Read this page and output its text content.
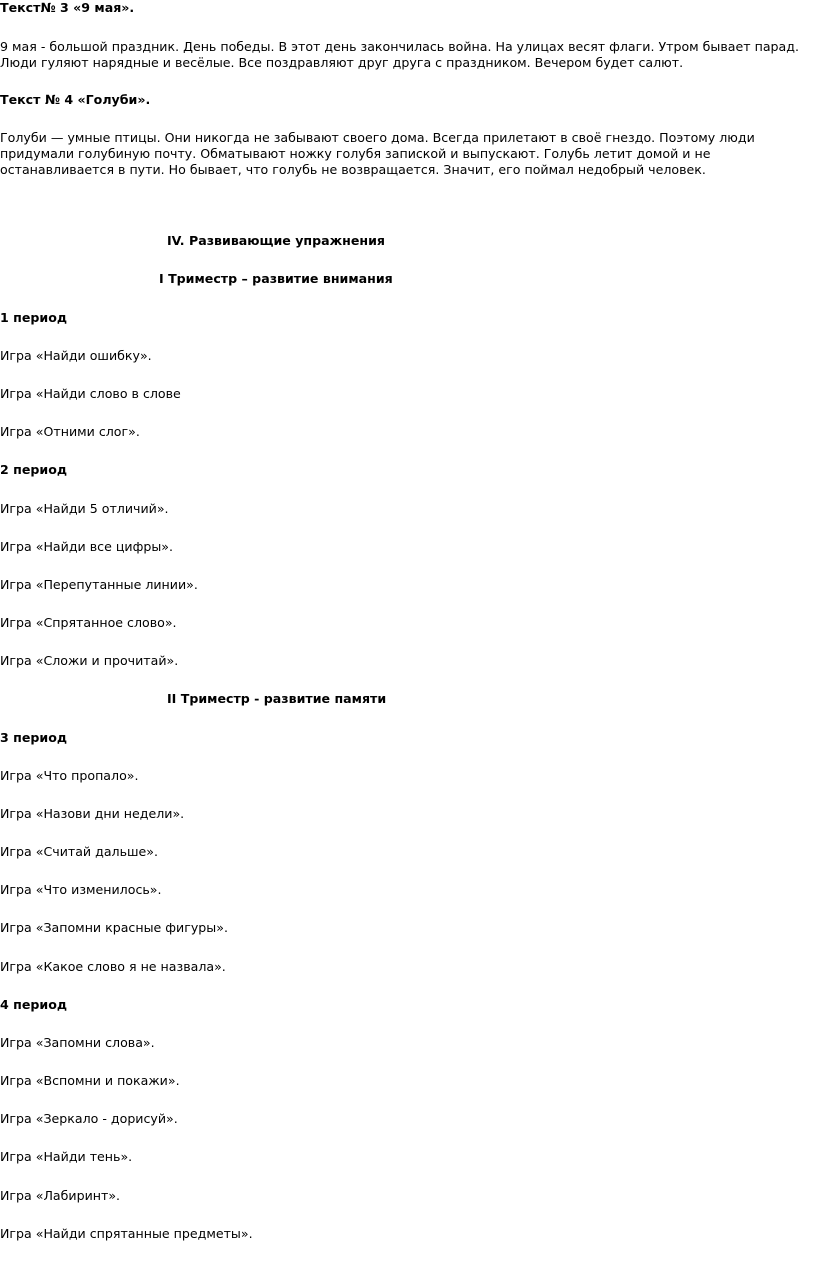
Текст№ 3 «9 мая».

9 мая - большой праздник. День победы. В этот день закончилась война. На улицах весят флаги. Утром бывает парад. Люди гуляют нарядные и весёлые. Все поздравляют друг друга с праздником. Вечером будет салют.

Текст № 4 «Голуби».

Голуби — умные птицы. Они никогда не забывают своего дома. Всегда прилетают в своё гнездо. Поэтому люди придумали голубиную почту. Обматывают ножку голубя запиской и выпускают. Голубь летит домой и не останавливается в пути. Но бывает, что голубь не возвращается. Значит, его поймал недобрый человек.

IV. Развивающие упражнения

I Триместр – развитие внимания

1 период

Игра «Найди ошибку».

Игра «Найди слово в слове

Игра «Отними слог».

2 период

Игра «Найди 5 отличий».

Игра «Найди все цифры».

Игра «Перепутанные линии».

Игра «Спрятанное слово».

Игра «Сложи и прочитай».

II Триместр - развитие памяти

3 период

Игра «Что пропало».

Игра «Назови дни недели».

Игра «Считай дальше».

Игра «Что изменилось».

Игра «Запомни красные фигуры».

Игра «Какое слово я не назвала».

4 период

Игра «Запомни слова».

Игра «Вспомни и покажи».

Игра «Зеркало - дорисуй».

Игра «Найди тень».

Игра «Лабиринт».

Игра «Найди спрятанные предметы».
